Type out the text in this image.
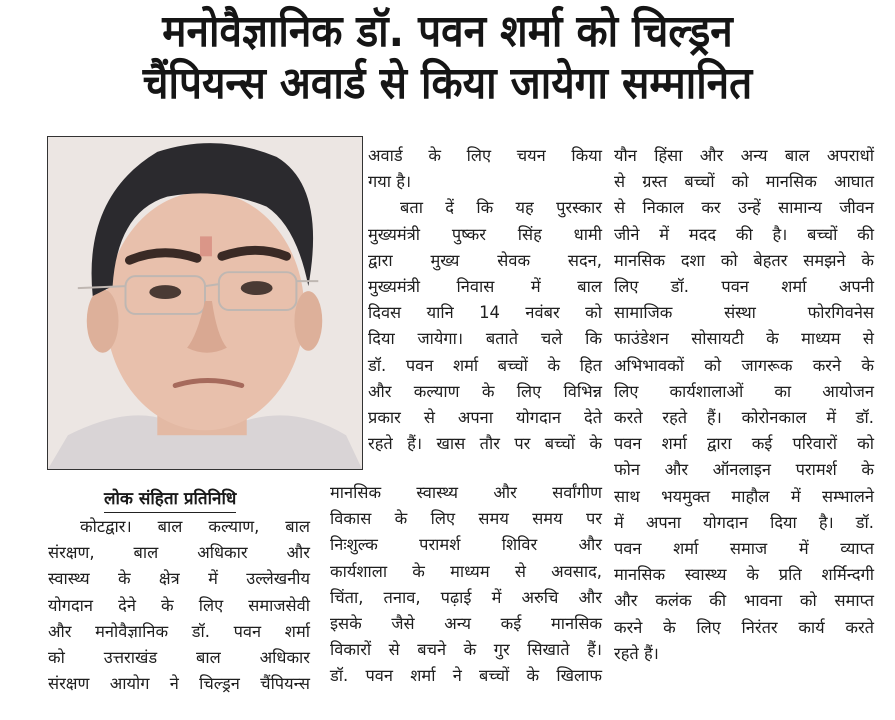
मनोवैज्ञानिक डॉ. पवन शर्मा को चिल्ड्रन
चैंपियन्स अवार्ड से किया जायेगा सम्मानित
लोक संहिता प्रतिनिधि
कोटद्वार। बाल कल्याण, बाल
संरक्षण, बाल अधिकार और
स्वास्थ्य के क्षेत्र में उल्लेखनीय
योगदान देने के लिए समाजसेवी
और मनोवैज्ञानिक डॉ. पवन शर्मा
को उत्तराखंड बाल अधिकार
संरक्षण आयोग ने चिल्ड्रन चैंपियन्स
अवार्ड के लिए चयन किया
गया है।
बता दें कि यह पुरस्कार
मुख्यमंत्री पुष्कर सिंह धामी
द्वारा मुख्य सेवक सदन,
मुख्यमंत्री निवास में बाल
दिवस यानि 14 नवंबर को
दिया जायेगा। बताते चले कि
डॉ. पवन शर्मा बच्चों के हित
और कल्याण के लिए विभिन्न
प्रकार से अपना योगदान देते
रहते हैं। खास तौर पर बच्चों के
मानसिक स्वास्थ्य और सर्वांगीण
विकास के लिए समय समय पर
निःशुल्क परामर्श शिविर और
कार्यशाला के माध्यम से अवसाद,
चिंता, तनाव, पढ़ाई में अरुचि और
इसके जैसे अन्य कई मानसिक
विकारों से बचने के गुर सिखाते हैं।
डॉ. पवन शर्मा ने बच्चों के खिलाफ
यौन हिंसा और अन्य बाल अपराधों
से ग्रस्त बच्चों को मानसिक आघात
से निकाल कर उन्हें सामान्य जीवन
जीने में मदद की है। बच्चों की
मानसिक दशा को बेहतर समझने के
लिए डॉ. पवन शर्मा अपनी
सामाजिक संस्था फोरगिवनेस
फाउंडेशन सोसायटी के माध्यम से
अभिभावकों को जागरूक करने के
लिए कार्यशालाओं का आयोजन
करते रहते हैं। कोरोनकाल में डॉ.
पवन शर्मा द्वारा कई परिवारों को
फोन और ऑनलाइन परामर्श के
साथ भयमुक्त माहौल में सम्भालने
में अपना योगदान दिया है। डॉ.
पवन शर्मा समाज में व्याप्त
मानसिक स्वास्थ्य के प्रति शर्मिन्दगी
और कलंक की भावना को समाप्त
करने के लिए निरंतर कार्य करते
रहते हैं।
